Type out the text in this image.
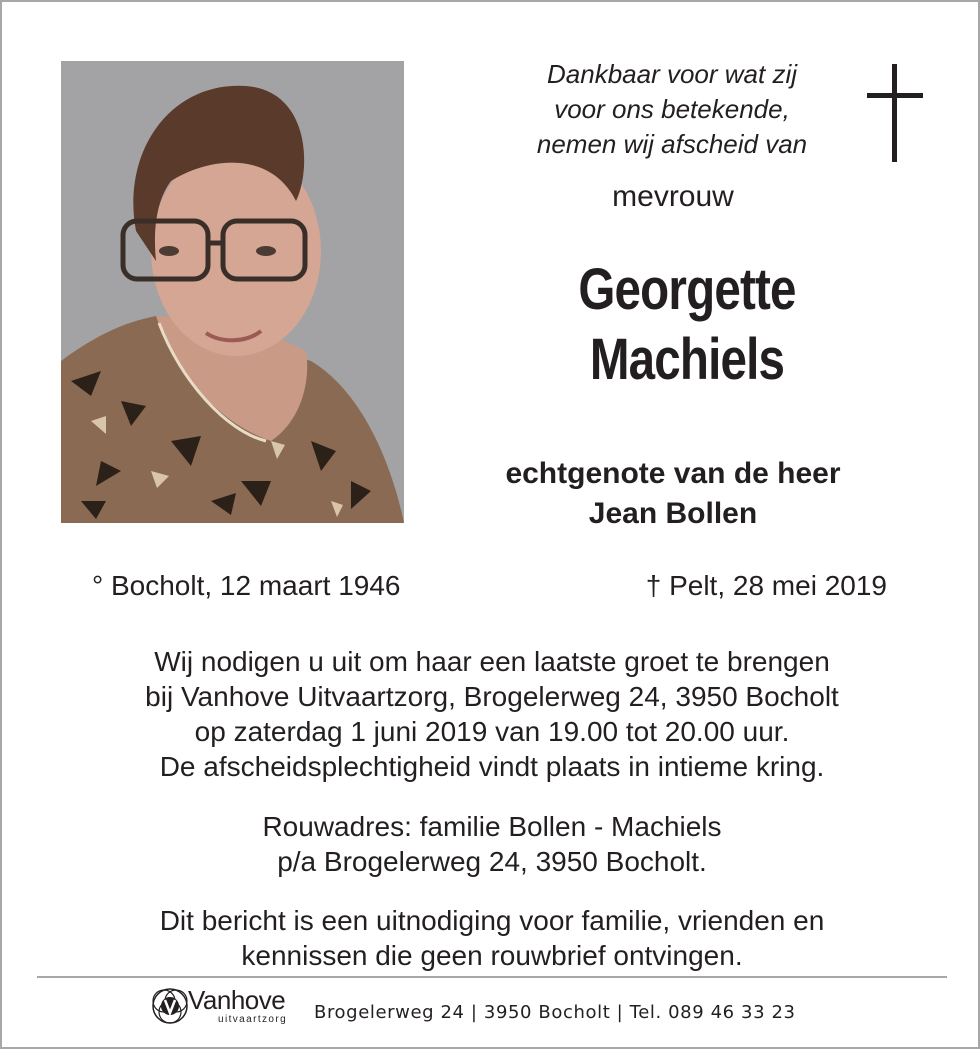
Dankbaar voor wat zij
voor ons betekende,
nemen wij afscheid van
mevrouw
Georgette
Machiels
echtgenote van de heer
Jean Bollen
° Bocholt, 12 maart 1946	† Pelt, 28 mei 2019
Wij nodigen u uit om haar een laatste groet te brengen
bij Vanhove Uitvaartzorg, Brogelerweg 24, 3950 Bocholt
op zaterdag 1 juni 2019 van 19.00 tot 20.00 uur.
De afscheidsplechtigheid vindt plaats in intieme kring.
Rouwadres: familie Bollen - Machiels
p/a Brogelerweg 24, 3950 Bocholt.
Dit bericht is een uitnodiging voor familie, vrienden en
kennissen die geen rouwbrief ontvingen.
Vanhove
uitvaartzorg Brogelerweg 24 | 3950 Bocholt | Tel. 089 46 33 23
